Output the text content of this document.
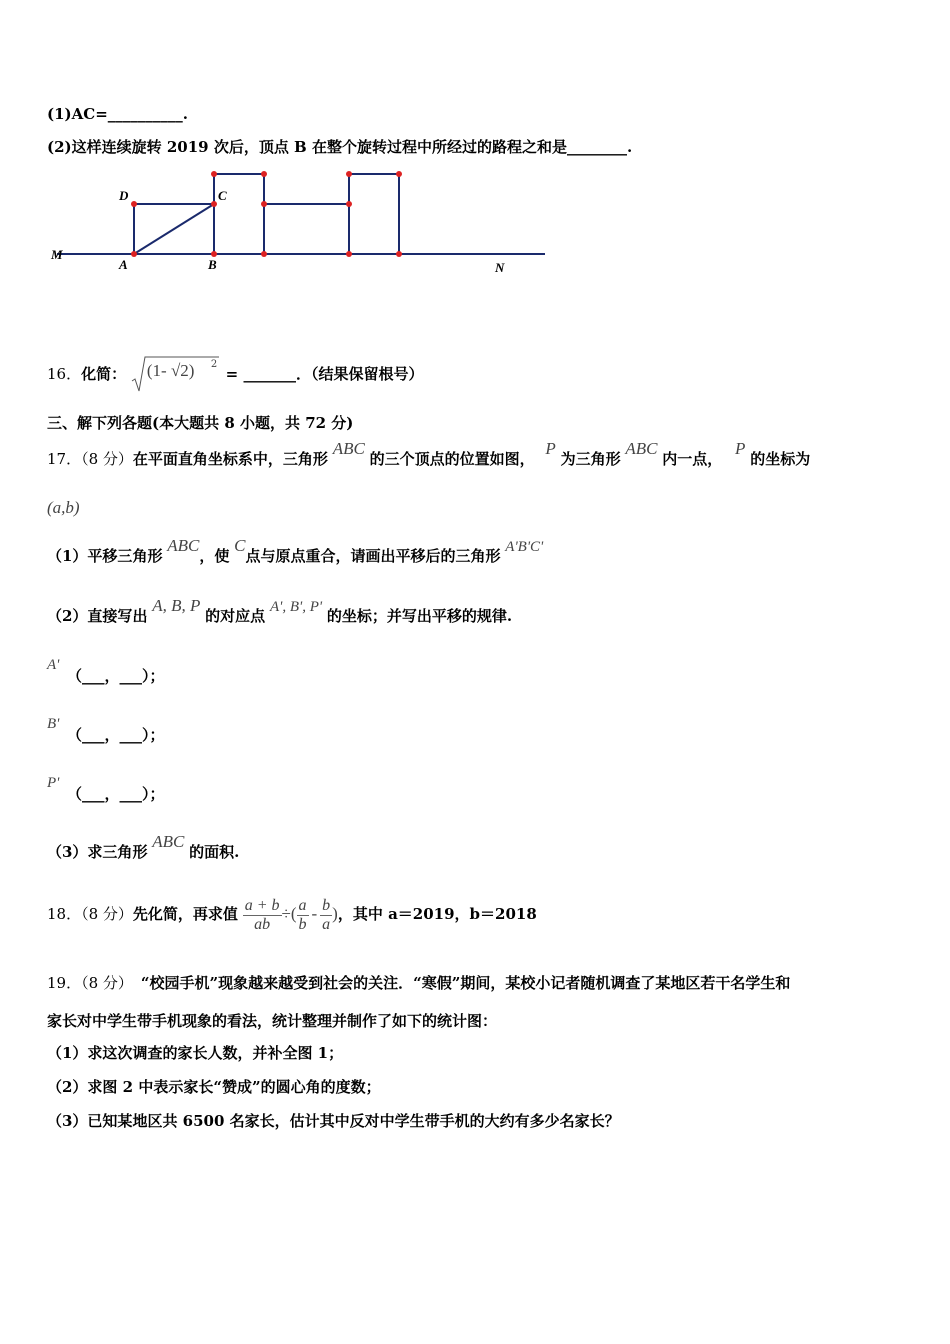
(1)AC=__________.
(2)这样连续旋转 2019 次后，顶点 B 在整个旋转过程中所经过的路程之和是________.
D	C
M
A	B	N
16．化简： (1- √2) 2
= _______．（结果保留根号）
三、解下列各题(本大题共 8 小题，共 72 分)
17．（8 分）在平面直角坐标系中，三角形 ABC 的三个顶点的位置如图， P 为三角形 ABC 内一点， P 的坐标为
(a,b)
（1）平移三角形 ABC，使 C点与原点重合，请画出平移后的三角形 A'B'C'
（2）直接写出 A, B, P 的对应点 A', B', P' 的坐标；并写出平移的规律.
A'
（___，___）；
B'
（___，___）；
P'
（___，___）；
（3）求三角形 ABC 的面积.
18．（8 分）先化简，再求值 $\frac{a + b}{ab}$ ÷( $\frac{a}{b} - \frac{b}{a}$ )，其中 a＝2019，b＝2018
19．（8 分） “校园手机”现象越来越受到社会的关注．“寒假”期间，某校小记者随机调查了某地区若干名学生和
家长对中学生带手机现象的看法，统计整理并制作了如下的统计图：
（1）求这次调查的家长人数，并补全图 1；
（2）求图 2 中表示家长“赞成”的圆心角的度数；
（3）已知某地区共 6500 名家长，估计其中反对中学生带手机的大约有多少名家长？
